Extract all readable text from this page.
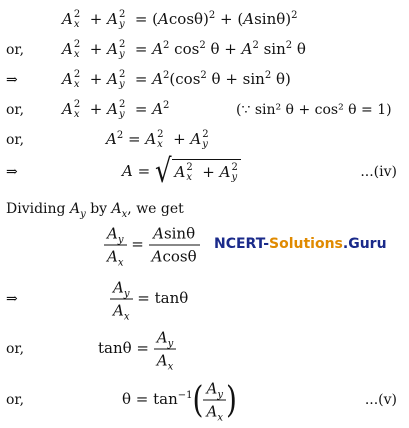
A 2
x + A 2
$y = (Acos\theta)^2 + (Asin\theta)^2$
or,	A 2
x + A 2
$y = A^2$ $\cos^2 \theta + A^2$ $\sin^2 \theta$
⇒	A 2
x + A 2
$y = A^2(\cos^2$ $\theta + \sin^2 \theta$)
or,	A 2
x + A 2
$y = A^2$	(∵ sin² θ + cos² θ = 1)
or,	$A^2 = A$ 2
x + A 2
y
⇒	A = √ A 2
x + A 2
y	...(iv)
Dividing $A_y$ by $A_x$, we get
$\frac{A_y}{A_x} = \frac{Asin\theta}{Acos\theta}$ NCERT-Solutions.Guru
⇒	$\frac{A_y}{A_x} = \tan\theta$
or,	$\tan\theta = \frac{A_y}{A_x}$
or,	$\theta = \tan^{-1}( \frac{A_y}{A_x}$ )	...(v)
